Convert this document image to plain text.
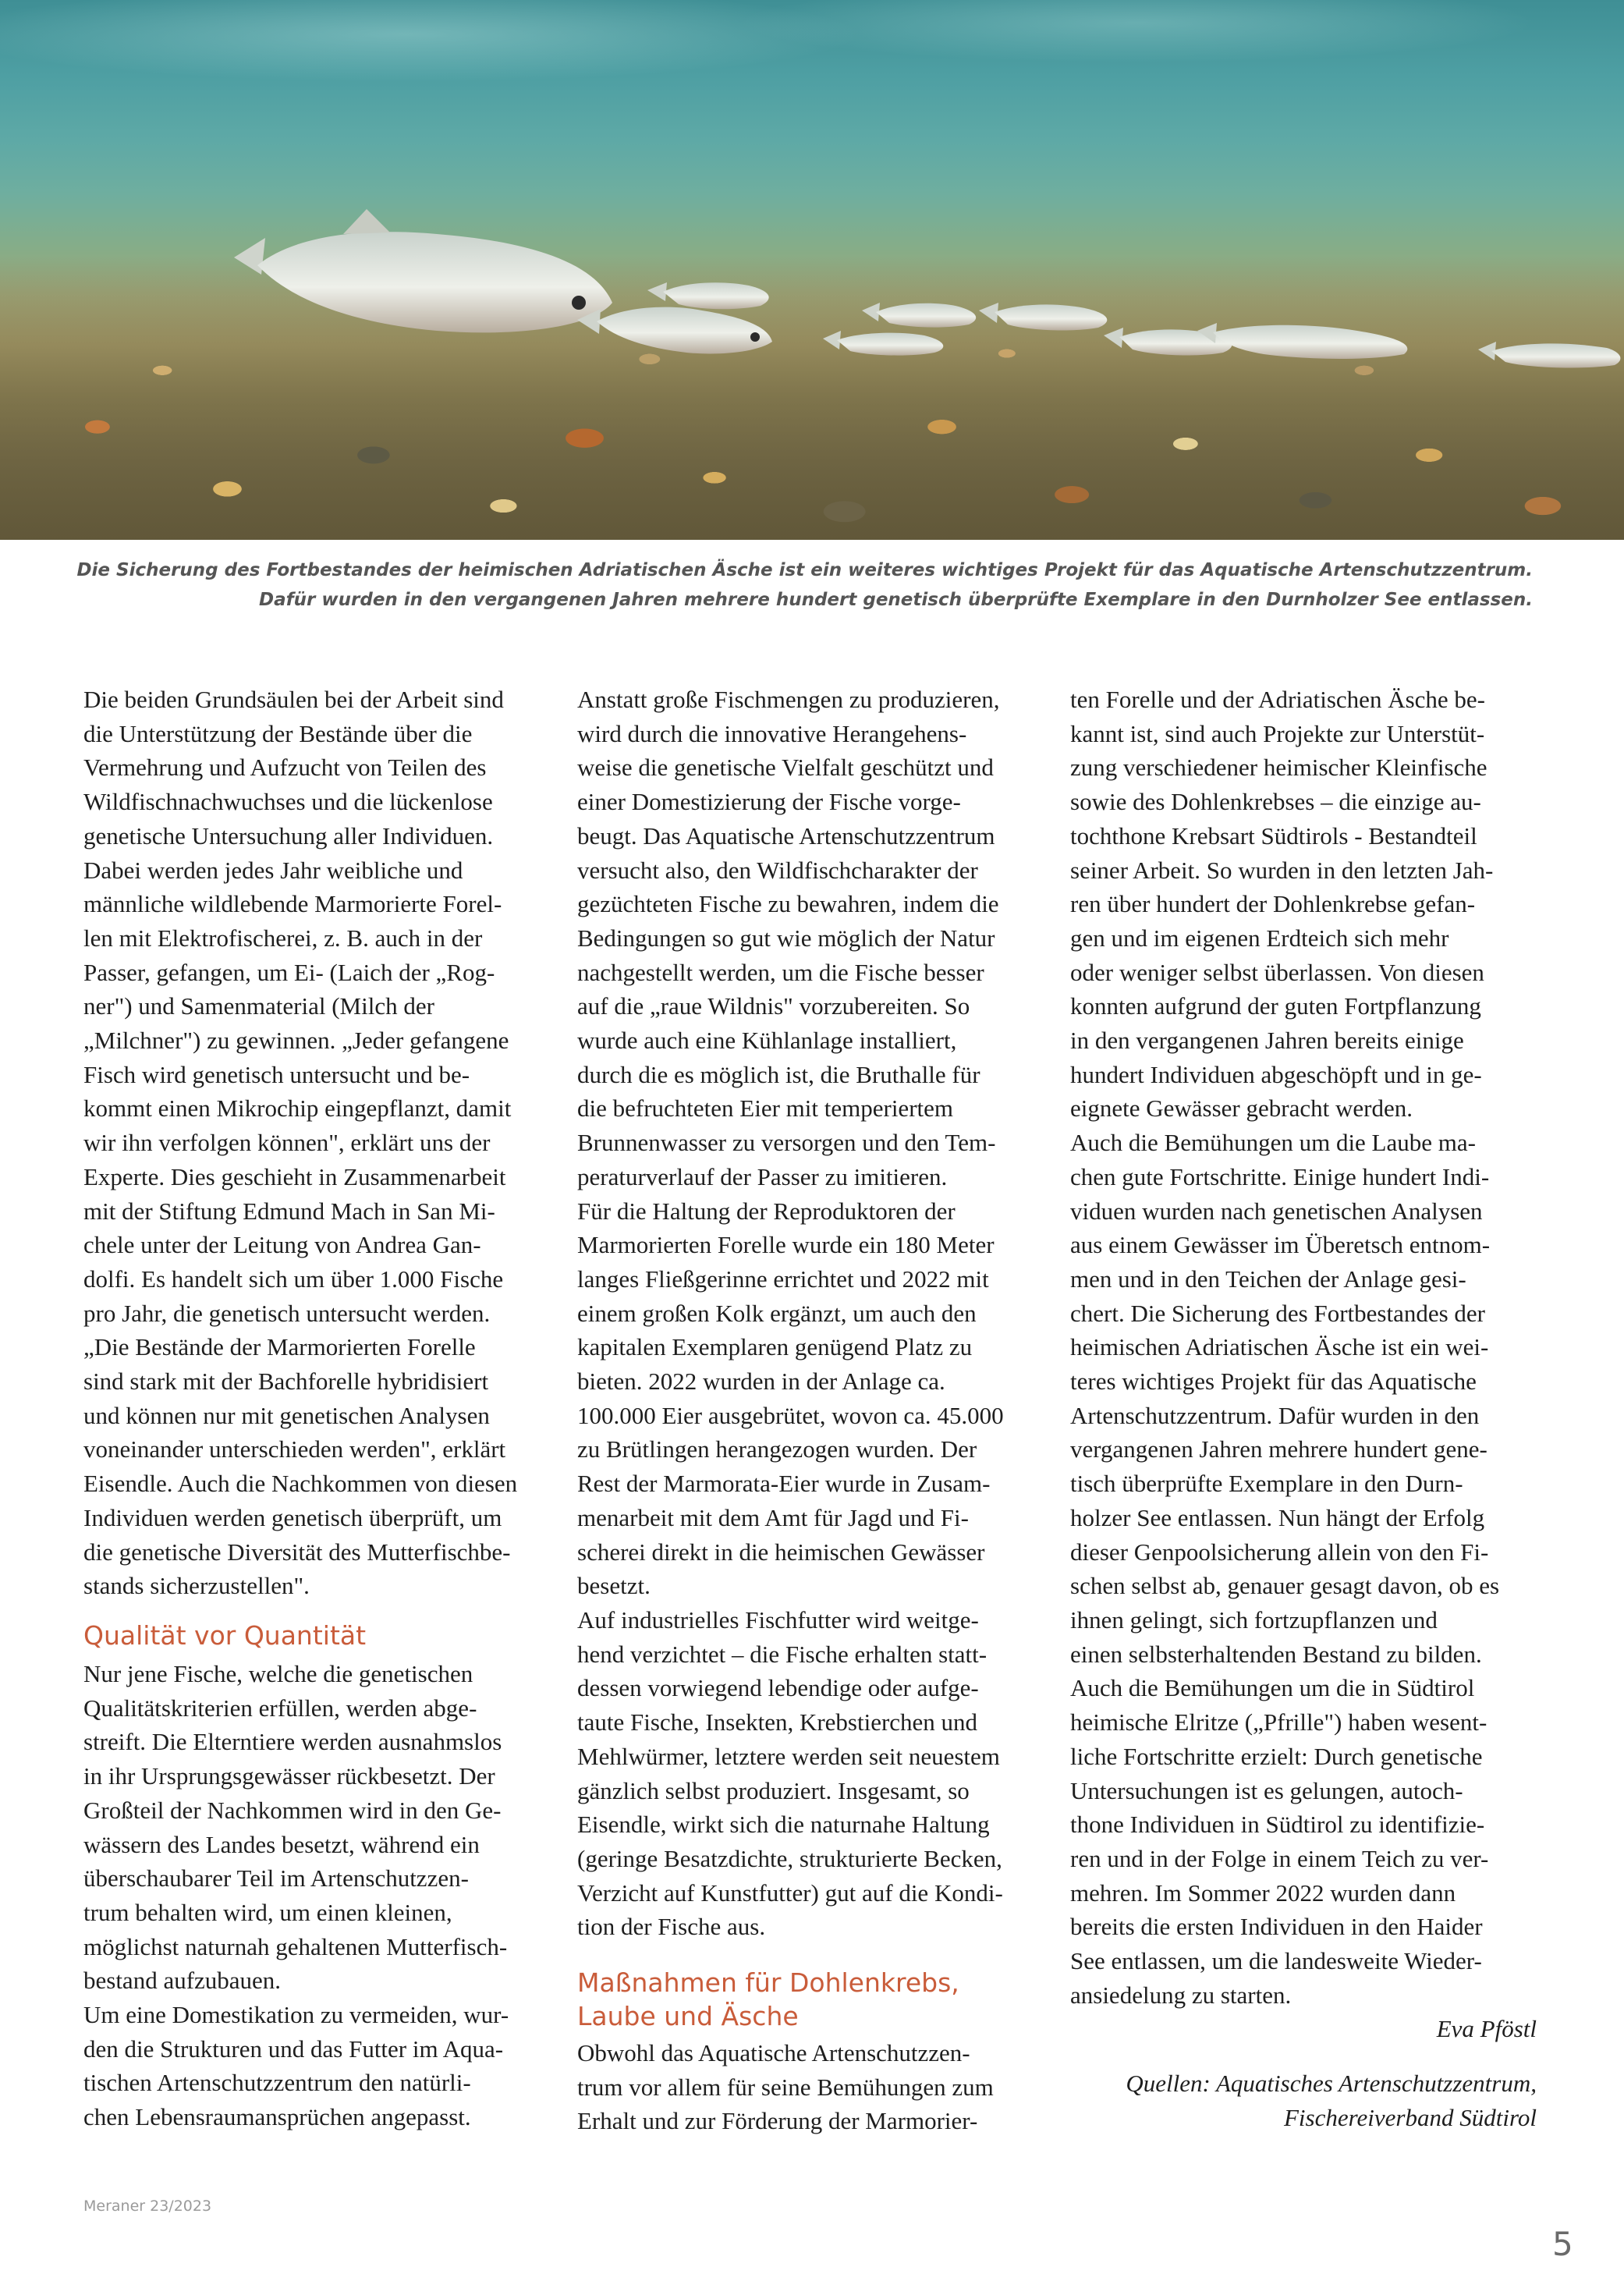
Die Sicherung des Fortbestandes der heimischen Adriatischen Äsche ist ein weiteres wichtiges Projekt für das Aquatische Artenschutzzentrum.

Dafür wurden in den vergangenen Jahren mehrere hundert genetisch überprüfte Exemplare in den Durnholzer See entlassen.

Die beiden Grundsäulen bei der Arbeit sind
die Unterstützung der Bestände über die
Vermehrung und Aufzucht von Teilen des
Wildfischnachwuchses und die lückenlose
genetische Untersuchung aller Individuen.
Dabei werden jedes Jahr weibliche und
männliche wildlebende Marmorierte Forel-
len mit Elektrofischerei, z. B. auch in der
Passer, gefangen, um Ei- (Laich der „Rog-
ner") und Samenmaterial (Milch der
„Milchner") zu gewinnen. „Jeder gefangene
Fisch wird genetisch untersucht und be-
kommt einen Mikrochip eingepflanzt, damit
wir ihn verfolgen können", erklärt uns der
Experte. Dies geschieht in Zusammenarbeit
mit der Stiftung Edmund Mach in San Mi-
chele unter der Leitung von Andrea Gan-
dolfi. Es handelt sich um über 1.000 Fische
pro Jahr, die genetisch untersucht werden.
„Die Bestände der Marmorierten Forelle
sind stark mit der Bachforelle hybridisiert
und können nur mit genetischen Analysen
voneinander unterschieden werden", erklärt
Eisendle. Auch die Nachkommen von diesen
Individuen werden genetisch überprüft, um
die genetische Diversität des Mutterfischbe-
stands sicherzustellen".
Qualität vor Quantität
Nur jene Fische, welche die genetischen
Qualitätskriterien erfüllen, werden abge-
streift. Die Elterntiere werden ausnahmslos
in ihr Ursprungsgewässer rückbesetzt. Der
Großteil der Nachkommen wird in den Ge-
wässern des Landes besetzt, während ein
überschaubarer Teil im Artenschutzzen-
trum behalten wird, um einen kleinen,
möglichst naturnah gehaltenen Mutterfisch-
bestand aufzubauen.
Um eine Domestikation zu vermeiden, wur-
den die Strukturen und das Futter im Aqua-
tischen Artenschutzzentrum den natürli-
chen Lebensraumansprüchen angepasst.
Anstatt große Fischmengen zu produzieren,
wird durch die innovative Herangehens-
weise die genetische Vielfalt geschützt und
einer Domestizierung der Fische vorge-
beugt. Das Aquatische Artenschutzzentrum
versucht also, den Wildfischcharakter der
gezüchteten Fische zu bewahren, indem die
Bedingungen so gut wie möglich der Natur
nachgestellt werden, um die Fische besser
auf die „raue Wildnis" vorzubereiten. So
wurde auch eine Kühlanlage installiert,
durch die es möglich ist, die Bruthalle für
die befruchteten Eier mit temperiertem
Brunnenwasser zu versorgen und den Tem-
peraturverlauf der Passer zu imitieren.
Für die Haltung der Reproduktoren der
Marmorierten Forelle wurde ein 180 Meter
langes Fließgerinne errichtet und 2022 mit
einem großen Kolk ergänzt, um auch den
kapitalen Exemplaren genügend Platz zu
bieten. 2022 wurden in der Anlage ca.
100.000 Eier ausgebrütet, wovon ca. 45.000
zu Brütlingen herangezogen wurden. Der
Rest der Marmorata-Eier wurde in Zusam-
menarbeit mit dem Amt für Jagd und Fi-
scherei direkt in die heimischen Gewässer
besetzt.
Auf industrielles Fischfutter wird weitge-
hend verzichtet – die Fische erhalten statt-
dessen vorwiegend lebendige oder aufge-
taute Fische, Insekten, Krebstierchen und
Mehlwürmer, letztere werden seit neuestem
gänzlich selbst produziert. Insgesamt, so
Eisendle, wirkt sich die naturnahe Haltung
(geringe Besatzdichte, strukturierte Becken,
Verzicht auf Kunstfutter) gut auf die Kondi-
tion der Fische aus.
Maßnahmen für Dohlenkrebs,
Laube und Äsche
Obwohl das Aquatische Artenschutzzen-
trum vor allem für seine Bemühungen zum
Erhalt und zur Förderung der Marmorier-
ten Forelle und der Adriatischen Äsche be-
kannt ist, sind auch Projekte zur Unterstüt-
zung verschiedener heimischer Kleinfische
sowie des Dohlenkrebses – die einzige au-
tochthone Krebsart Südtirols - Bestandteil
seiner Arbeit. So wurden in den letzten Jah-
ren über hundert der Dohlenkrebse gefan-
gen und im eigenen Erdteich sich mehr
oder weniger selbst überlassen. Von diesen
konnten aufgrund der guten Fortpflanzung
in den vergangenen Jahren bereits einige
hundert Individuen abgeschöpft und in ge-
eignete Gewässer gebracht werden.
Auch die Bemühungen um die Laube ma-
chen gute Fortschritte. Einige hundert Indi-
viduen wurden nach genetischen Analysen
aus einem Gewässer im Überetsch entnom-
men und in den Teichen der Anlage gesi-
chert. Die Sicherung des Fortbestandes der
heimischen Adriatischen Äsche ist ein wei-
teres wichtiges Projekt für das Aquatische
Artenschutzzentrum. Dafür wurden in den
vergangenen Jahren mehrere hundert gene-
tisch überprüfte Exemplare in den Durn-
holzer See entlassen. Nun hängt der Erfolg
dieser Genpoolsicherung allein von den Fi-
schen selbst ab, genauer gesagt davon, ob es
ihnen gelingt, sich fortzupflanzen und
einen selbsterhaltenden Bestand zu bilden.
Auch die Bemühungen um die in Südtirol
heimische Elritze („Pfrille") haben wesent-
liche Fortschritte erzielt: Durch genetische
Untersuchungen ist es gelungen, autoch-
thone Individuen in Südtirol zu identifizie-
ren und in der Folge in einem Teich zu ver-
mehren. Im Sommer 2022 wurden dann
bereits die ersten Individuen in den Haider
See entlassen, um die landesweite Wieder-
ansiedelung zu starten.
Eva Pföstl
Quellen: Aquatisches Artenschutzzentrum,
Fischereiverband Südtirol
Meraner 23/2023
5
